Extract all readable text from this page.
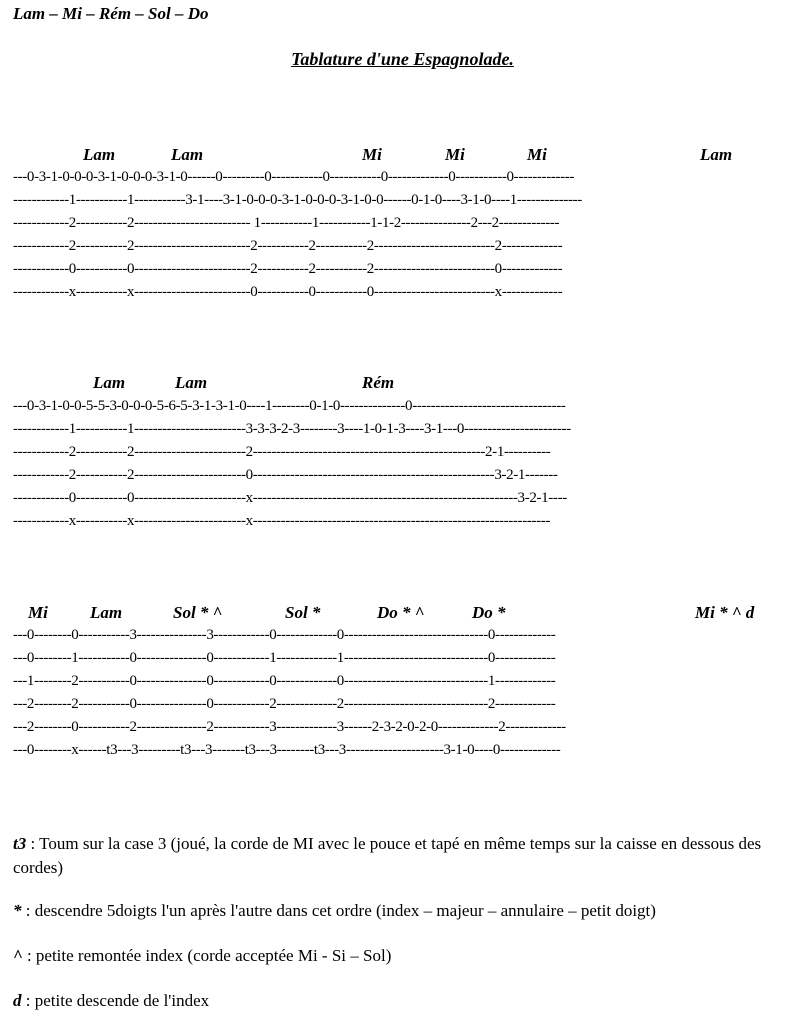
Lam – Mi – Rém – Sol – Do
Tablature d'une Espagnolade.

Lam

	Lam

	Mi

	Mi

	Mi

	Lam

---0-3-1-0-0-0-3-1-0-0-0-3-1-0------0---------0-----------0-----------0-------------0-----------0-------------
------------1-----------1-----------3-1----3-1-0-0-0-3-1-0-0-0-3-1-0-0------0-1-0----3-1-0----1--------------
------------2-----------2------------------------- 1-----------1-----------1-1-2---------------2---2-------------
------------2-----------2-------------------------2-----------2-----------2--------------------------2-------------
------------0-----------0-------------------------2-----------2-----------2--------------------------0-------------
------------x-----------x-------------------------0-----------0-----------0--------------------------x-------------

Lam

	Lam

	Rém

---0-3-1-0-0-5-5-3-0-0-0-5-6-5-3-1-3-1-0----1--------0-1-0--------------0---------------------------------
------------1-----------1------------------------3-3-3-2-3--------3----1-0-1-3----3-1---0-----------------------
------------2-----------2------------------------2--------------------------------------------------2-1----------
------------2-----------2------------------------0----------------------------------------------------3-2-1-------
------------0-----------0------------------------x---------------------------------------------------------3-2-1----
------------x-----------x------------------------x----------------------------------------------------------------

Mi

Lam

	Sol * ^

	Sol *

	Do * ^

	Do *

	Mi * ^ d

---0--------0-----------3---------------3------------0-------------0-------------------------------0-------------
---0--------1-----------0---------------0------------1-------------1-------------------------------0-------------
---1--------2-----------0---------------0------------0-------------0-------------------------------1-------------
---2--------2-----------0---------------0------------2-------------2-------------------------------2-------------
---2--------0-----------2---------------2------------3-------------3------2-3-2-0-2-0-------------2-------------
---0--------x------t3---3---------t3---3-------t3---3--------t3---3---------------------3-1-0----0-------------
t3 : Toum sur la case 3 (joué, la corde de MI avec le pouce et tapé en même temps sur la caisse en dessous des cordes)
* : descendre 5doigts l'un après l'autre dans cet ordre (index – majeur – annulaire – petit doigt)
^ : petite remontée index (corde acceptée Mi - Si – Sol)
d : petite descende de l'index
